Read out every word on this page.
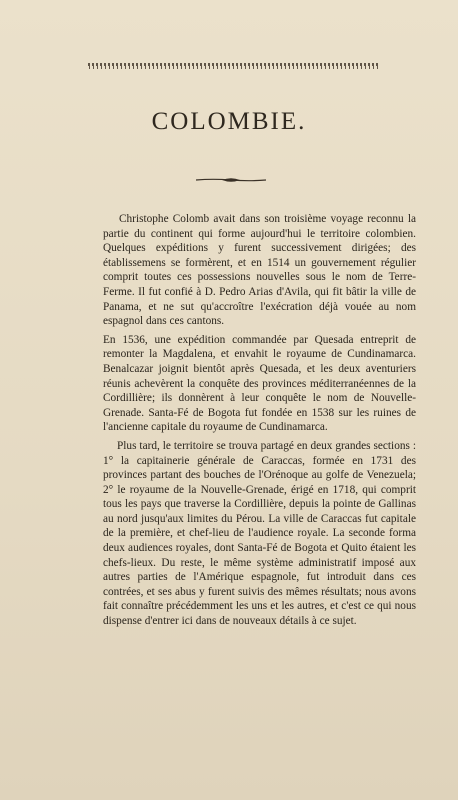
COLOMBIE.

Christophe Colomb avait dans son troisième voyage reconnu la partie du continent qui forme aujourd'hui le territoire colombien. Quelques expéditions y furent successivement dirigées; des établissemens se formèrent, et en 1514 un gouvernement régulier comprit toutes ces possessions nouvelles sous le nom de Terre-Ferme. Il fut confié à D. Pedro Arias d'Avila, qui fit bâtir la ville de Panama, et ne sut qu'accroître l'exécration déjà vouée au nom espagnol dans ces cantons.

En 1536, une expédition commandée par Quesada entreprit de remonter la Magdalena, et envahit le royaume de Cundinamarca. Benalcazar joignit bientôt après Quesada, et les deux aventuriers réunis achevèrent la conquête des provinces méditerranéennes de la Cordillière; ils donnèrent à leur conquête le nom de Nouvelle-Grenade. Santa-Fé de Bogota fut fondée en 1538 sur les ruines de l'ancienne capitale du royaume de Cundinamarca.

Plus tard, le territoire se trouva partagé en deux grandes sections : 1° la capitainerie générale de Caraccas, formée en 1731 des provinces partant des bouches de l'Orénoque au golfe de Venezuela; 2° le royaume de la Nouvelle-Grenade, érigé en 1718, qui comprit tous les pays que traverse la Cordillière, depuis la pointe de Gallinas au nord jusqu'aux limites du Pérou. La ville de Caraccas fut capitale de la première, et chef-lieu de l'audience royale. La seconde forma deux audiences royales, dont Santa-Fé de Bogota et Quito étaient les chefs-lieux. Du reste, le même système administratif imposé aux autres parties de l'Amérique espagnole, fut introduit dans ces contrées, et ses abus y furent suivis des mêmes résultats; nous avons fait connaître précédemment les uns et les autres, et c'est ce qui nous dispense d'entrer ici dans de nouveaux détails à ce sujet.
